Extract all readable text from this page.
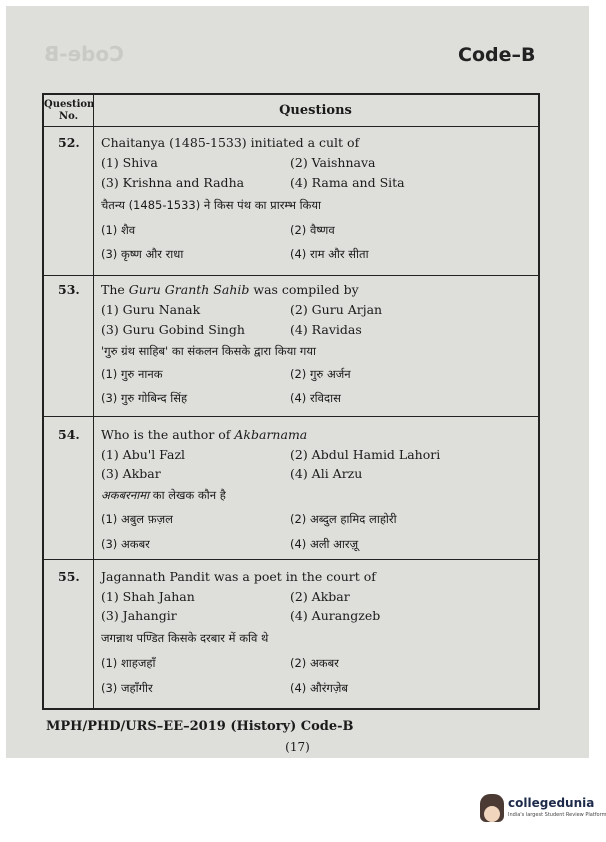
Code-B	Code–B
Question
No.	Questions
52. Chaitanya (1485-1533) initiated a cult of
(1) Shiva	(2) Vaishnava
(3) Krishna and Radha	(4) Rama and Sita
चैतन्य (1485-1533) ने किस पंथ का प्रारम्भ किया
(1) शैव	(2) वैष्णव
(3) कृष्ण और राधा	(4) राम और सीता
53. The Guru Granth Sahib was compiled by
(1) Guru Nanak	(2) Guru Arjan
(3) Guru Gobind Singh	(4) Ravidas
'गुरु ग्रंथ साहिब' का संकलन किसके द्वारा किया गया
(1) गुरु नानक	(2) गुरु अर्जन
(3) गुरु गोबिन्द सिंह	(4) रविदास
54. Who is the author of Akbarnama
(1) Abu'l Fazl	(2) Abdul Hamid Lahori
(3) Akbar	(4) Ali Arzu
अकबरनामा का लेखक कौन है
(1) अबुल फ़ज़ल	(2) अब्दुल हामिद लाहोरी
(3) अकबर	(4) अली आरज़ू
55. Jagannath Pandit was a poet in the court of
(1) Shah Jahan	(2) Akbar
(3) Jahangir	(4) Aurangzeb
जगन्नाथ पण्डित किसके दरबार में कवि थे
(1) शाहजहाँ	(2) अकबर
(3) जहाँगीर	(4) औरंगज़ेब
MPH/PHD/URS–EE–2019 (History) Code-B
(17)
collegedunia
India's largest Student Review Platform
